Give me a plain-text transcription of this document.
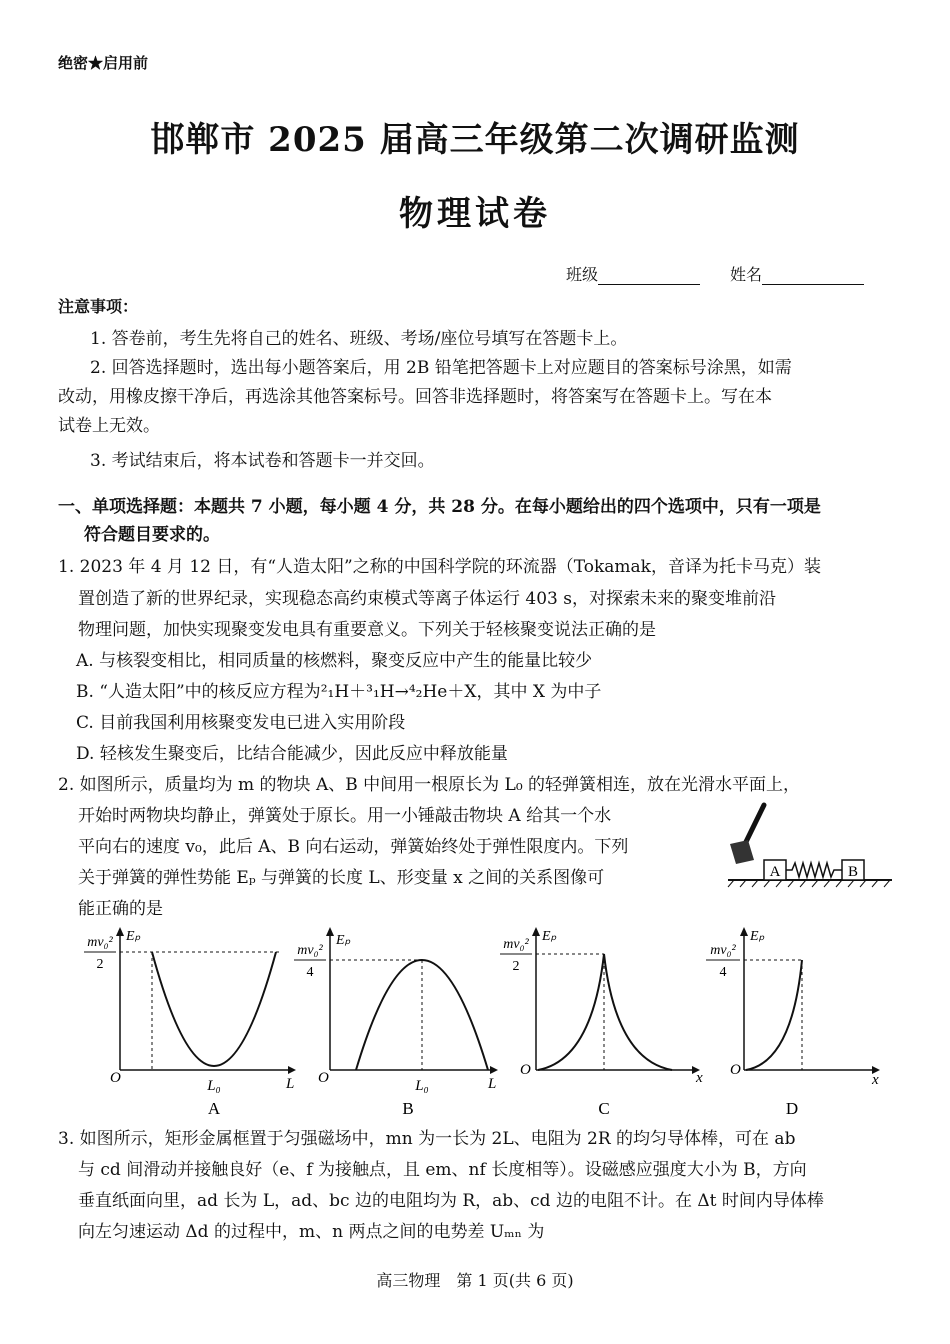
绝密★启用前
邯郸市 2025 届高三年级第二次调研监测
物理试卷
班级	姓名
注意事项：
1. 答卷前，考生先将自己的姓名、班级、考场/座位号填写在答题卡上。
2. 回答选择题时，选出每小题答案后，用 2B 铅笔把答题卡上对应题目的答案标号涂黑，如需
改动，用橡皮擦干净后，再选涂其他答案标号。回答非选择题时，将答案写在答题卡上。写在本
试卷上无效。
3. 考试结束后，将本试卷和答题卡一并交回。
一、单项选择题：本题共 7 小题，每小题 4 分，共 28 分。在每小题给出的四个选项中，只有一项是
符合题目要求的。
1. 2023 年 4 月 12 日，有“人造太阳”之称的中国科学院的环流器（Tokamak，音译为托卡马克）装
置创造了新的世界纪录，实现稳态高约束模式等离子体运行 403 s，对探索未来的聚变堆前沿
物理问题，加快实现聚变发电具有重要意义。下列关于轻核聚变说法正确的是
A. 与核裂变相比，相同质量的核燃料，聚变反应中产生的能量比较少
B. “人造太阳”中的核反应方程为²₁H＋³₁H→⁴₂He＋X，其中 X 为中子
C. 目前我国利用核聚变发电已进入实用阶段
D. 轻核发生聚变后，比结合能减少，因此反应中释放能量
2. 如图所示，质量均为 m 的物块 A、B 中间用一根原长为 L₀ 的轻弹簧相连，放在光滑水平面上，
开始时两物块均静止，弹簧处于原长。用一小锤敲击物块 A 给其一个水
平向右的速度 v₀，此后 A、B 向右运动，弹簧始终处于弹性限度内。下列
关于弹簧的弹性势能 Eₚ 与弹簧的长度 L、形变量 x 之间的关系图像可
能正确的是
A	B
mv₀²
2
Eₚ
O	L₀	L
A
mv₀²
4
Eₚ
O	L₀	L
B
mv₀²
2
Eₚ
O	x
C
mv₀²
4
Eₚ
O
x
D
3. 如图所示，矩形金属框置于匀强磁场中，mn 为一长为 2L、电阻为 2R 的均匀导体棒，可在 ab
与 cd 间滑动并接触良好（e、f 为接触点，且 em、nf 长度相等）。设磁感应强度大小为 B，方向
垂直纸面向里，ad 长为 L，ad、bc 边的电阻均为 R，ab、cd 边的电阻不计。在 Δt 时间内导体棒
向左匀速运动 Δd 的过程中，m、n 两点之间的电势差 Uₘₙ 为
高三物理　第 1 页(共 6 页)
